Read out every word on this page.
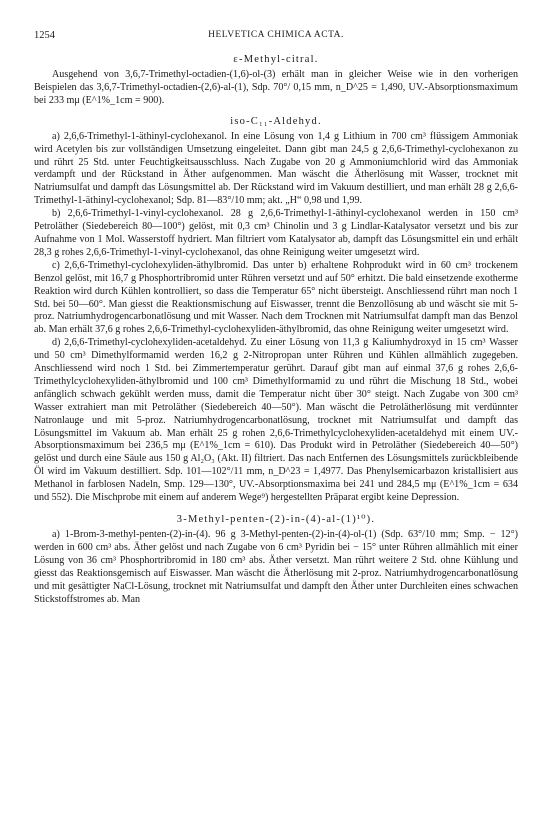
1254	HELVETICA CHIMICA ACTA.
ε-Methyl-citral.

Ausgehend von 3,6,7-Trimethyl-octadien-(1,6)-ol-(3) erhält man in gleicher Weise wie in den vorherigen Beispielen das 3,6,7-Trimethyl-octadien-(2,6)-al-(1), Sdp. 70°/ 0,15 mm, n_D^25 = 1,490, UV.-Absorptionsmaximum bei 233 mμ (E^1%_1cm = 900).

iso-C₁₁-Aldehyd.

a) 2,6,6-Trimethyl-1-äthinyl-cyclohexanol. In eine Lösung von 1,4 g Lithium in 700 cm³ flüssigem Ammoniak wird Acetylen bis zur vollständigen Umsetzung eingeleitet. Dann gibt man 24,5 g 2,6,6-Trimethyl-cyclohexanon zu und rührt 25 Std. unter Feuchtigkeitsausschluss. Nach Zugabe von 20 g Ammoniumchlorid wird das Ammoniak verdampft und der Rückstand in Äther aufgenommen. Man wäscht die Ätherlösung mit Wasser, trocknet mit Natriumsulfat und dampft das Lösungsmittel ab. Der Rückstand wird im Vakuum destilliert, und man erhält 28 g 2,6,6-Trimethyl-1-äthinyl-cyclohexanol; Sdp. 81—83°/10 mm; akt. „H“ 0,98 und 1,99.

b) 2,6,6-Trimethyl-1-vinyl-cyclohexanol. 28 g 2,6,6-Trimethyl-1-äthinyl-cyclohexanol werden in 150 cm³ Petroläther (Siedebereich 80—100°) gelöst, mit 0,3 cm³ Chinolin und 3 g Lindlar-Katalysator versetzt und bis zur Aufnahme von 1 Mol. Wasserstoff hydriert. Man filtriert vom Katalysator ab, dampft das Lösungsmittel ein und erhält 28,3 g rohes 2,6,6-Trimethyl-1-vinyl-cyclohexanol, das ohne Reinigung weiter umgesetzt wird.

c) 2,6,6-Trimethyl-cyclohexyliden-äthylbromid. Das unter b) erhaltene Rohprodukt wird in 60 cm³ trockenem Benzol gelöst, mit 16,7 g Phosphortribromid unter Rühren versetzt und auf 50° erhitzt. Die bald einsetzende exotherme Reaktion wird durch Kühlen kontrolliert, so dass die Temperatur 65° nicht übersteigt. Anschliessend rührt man noch 1 Std. bei 50—60°. Man giesst die Reaktionsmischung auf Eiswasser, trennt die Benzollösung ab und wäscht sie mit 5-proz. Natriumhydrogencarbonatlösung und mit Wasser. Nach dem Trocknen mit Natriumsulfat dampft man das Benzol ab. Man erhält 37,6 g rohes 2,6,6-Trimethyl-cyclohexyliden-äthylbromid, das ohne Reinigung weiter umgesetzt wird.

d) 2,6,6-Trimethyl-cyclohexyliden-acetaldehyd. Zu einer Lösung von 11,3 g Kaliumhydroxyd in 15 cm³ Wasser und 50 cm³ Dimethylformamid werden 16,2 g 2-Nitropropan unter Rühren und Kühlen allmählich zugegeben. Anschliessend wird noch 1 Std. bei Zimmertemperatur gerührt. Darauf gibt man auf einmal 37,6 g rohes 2,6,6-Trimethylcyclohexyliden-äthylbromid und 100 cm³ Dimethylformamid zu und rührt die Mischung 18 Std., wobei anfänglich schwach gekühlt werden muss, damit die Temperatur nicht über 30° steigt. Nach Zugabe von 300 cm³ Wasser extrahiert man mit Petroläther (Siedebereich 40—50°). Man wäscht die Petrolätherlösung mit verdünnter Natronlauge und mit 5-proz. Natriumhydrogencarbonatlösung, trocknet mit Natriumsulfat und dampft das Lösungsmittel im Vakuum ab. Man erhält 25 g rohen 2,6,6-Trimethylcyclohexyliden-acetaldehyd mit einem UV.-Absorptionsmaximum bei 236,5 mμ (E^1%_1cm = 610). Das Produkt wird in Petroläther (Siedebereich 40—50°) gelöst und durch eine Säule aus 150 g Al₂O₃ (Akt. II) filtriert. Das nach Entfernen des Lösungsmittels zurückbleibende Öl wird im Vakuum destilliert. Sdp. 101—102°/11 mm, n_D^23 = 1,4977. Das Phenylsemicarbazon kristallisiert aus Methanol in farblosen Nadeln, Smp. 129—130°, UV.-Absorptionsmaxima bei 241 und 284,5 mμ (E^1%_1cm = 634 und 552). Die Mischprobe mit einem auf anderem Wege⁹) hergestellten Präparat ergibt keine Depression.

3-Methyl-penten-(2)-in-(4)-al-(1)¹⁰).

a) 1-Brom-3-methyl-penten-(2)-in-(4). 96 g 3-Methyl-penten-(2)-in-(4)-ol-(1) (Sdp. 63°/10 mm; Smp. − 12°) werden in 600 cm³ abs. Äther gelöst und nach Zugabe von 6 cm³ Pyridin bei − 15° unter Rühren allmählich mit einer Lösung von 36 cm³ Phosphortribromid in 180 cm³ abs. Äther versetzt. Man rührt weitere 2 Std. ohne Kühlung und giesst das Reaktionsgemisch auf Eiswasser. Man wäscht die Ätherlösung mit 2-proz. Natriumhydrogencarbonatlösung und mit gesättigter NaCl-Lösung, trocknet mit Natriumsulfat und dampft den Äther unter Durchleiten eines schwachen Stickstoffstromes ab. Man
